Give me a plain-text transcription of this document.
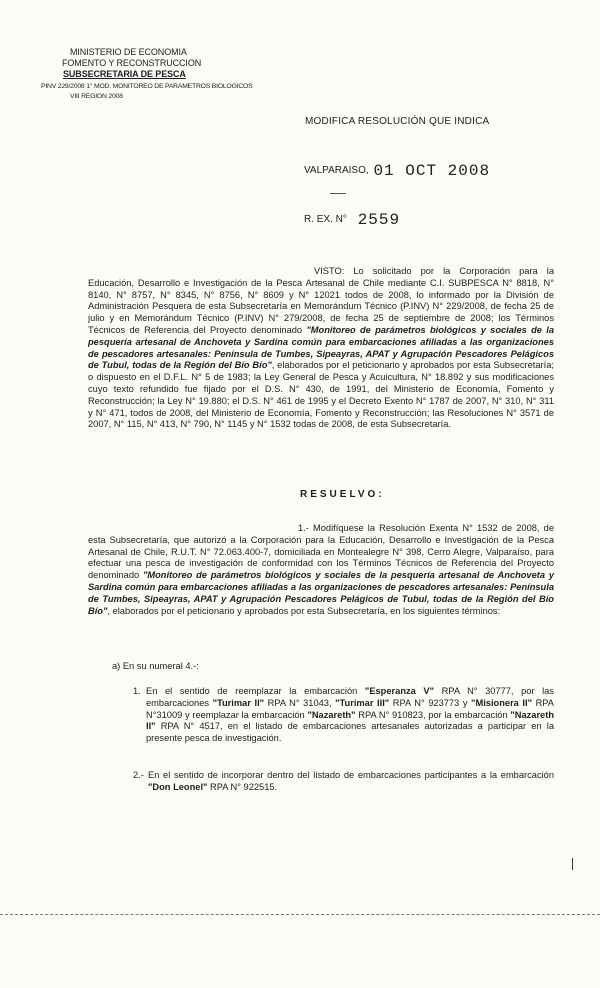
MINISTERIO DE ECONOMIA
FOMENTO Y RECONSTRUCCION
SUBSECRETARIA DE PESCA
PINV 229/2008 1° MOD. MONITOREO DE PARAMETROS BIOLOGICOS
VIII REGION 2008
MODIFICA RESOLUCIÓN QUE INDICA
VALPARAISO, 01 OCT 2008
R. EX. N° 2559
VISTO: Lo solicitado por la Corporación para la Educación, Desarrollo e Investigación de la Pesca Artesanal de Chile mediante C.I. SUBPESCA N° 8818, N° 8140, N° 8757, N° 8345, N° 8756, N° 8609 y N° 12021 todos de 2008, lo informado por la División de Administración Pesquera de esta Subsecretaría en Memorándum Técnico (P.INV) N° 229/2008, de fecha 25 de julio y en Memorándum Técnico (P.INV) N° 279/2008, de fecha 25 de septiembre de 2008; los Términos Técnicos de Referencia del Proyecto denominado "Monitoreo de parámetros biológicos y sociales de la pesquería artesanal de Anchoveta y Sardina común para embarcaciones afiliadas a las organizaciones de pescadores artesanales: Península de Tumbes, Sipeayras, APAT y Agrupación Pescadores Pelágicos de Tubul, todas de la Región del Bío Bío", elaborados por el peticionario y aprobados por esta Subsecretaría; o dispuesto en el D.F.L. N° 5 de 1983; la Ley General de Pesca y Acuicultura, N° 18.892 y sus modificaciones cuyo texto refundido fue fijado por el D.S. N° 430, de 1991, del Ministerio de Economía, Fomento y Reconstrucción; la Ley N° 19.880; el D.S. N° 461 de 1995 y el Decreto Exento N° 1787 de 2007, N° 310, N° 311 y N° 471, todos de 2008, del Ministerio de Economía, Fomento y Reconstrucción; las Resoluciones N° 3571 de 2007, N° 115, N° 413, N° 790, N° 1145 y N° 1532 todas de 2008, de esta Subsecretaría.
RESUELVO:
1.- Modifíquese la Resolución Exenta N° 1532 de 2008, de esta Subsecretaría, que autorizó a la Corporación para la Educación, Desarrollo e Investigación de la Pesca Artesanal de Chile, R.U.T. N° 72.063.400-7, domiciliada en Montealegre N° 398, Cerro Alegre, Valparaíso, para efectuar una pesca de investigación de conformidad con los Términos Técnicos de Referencia del Proyecto denominado "Monitoreo de parámetros biológicos y sociales de la pesquería artesanal de Anchoveta y Sardina común para embarcaciones afiliadas a las organizaciones de pescadores artesanales: Península de Tumbes, Sipeayras, APAT y Agrupación Pescadores Pelágicos de Tubul, todas de la Región del Bío Bío", elaborados por el peticionario y aprobados por esta Subsecretaría, en los siguientes términos:
a) En su numeral 4.-:
1. En el sentido de reemplazar la embarcación "Esperanza V" RPA N° 30777, por las embarcaciones "Turimar II" RPA N° 31043, "Turimar III" RPA N° 923773 y "Misionera II" RPA N°31009 y reemplazar la embarcación "Nazareth" RPA N° 910823, por la embarcación "Nazareth II" RPA N° 4517, en el listado de embarcaciones artesanales autorizadas a participar en la presente pesca de investigación.
2.- En el sentido de incorporar dentro del listado de embarcaciones participantes a la embarcación "Don Leonel" RPA N° 922515.
